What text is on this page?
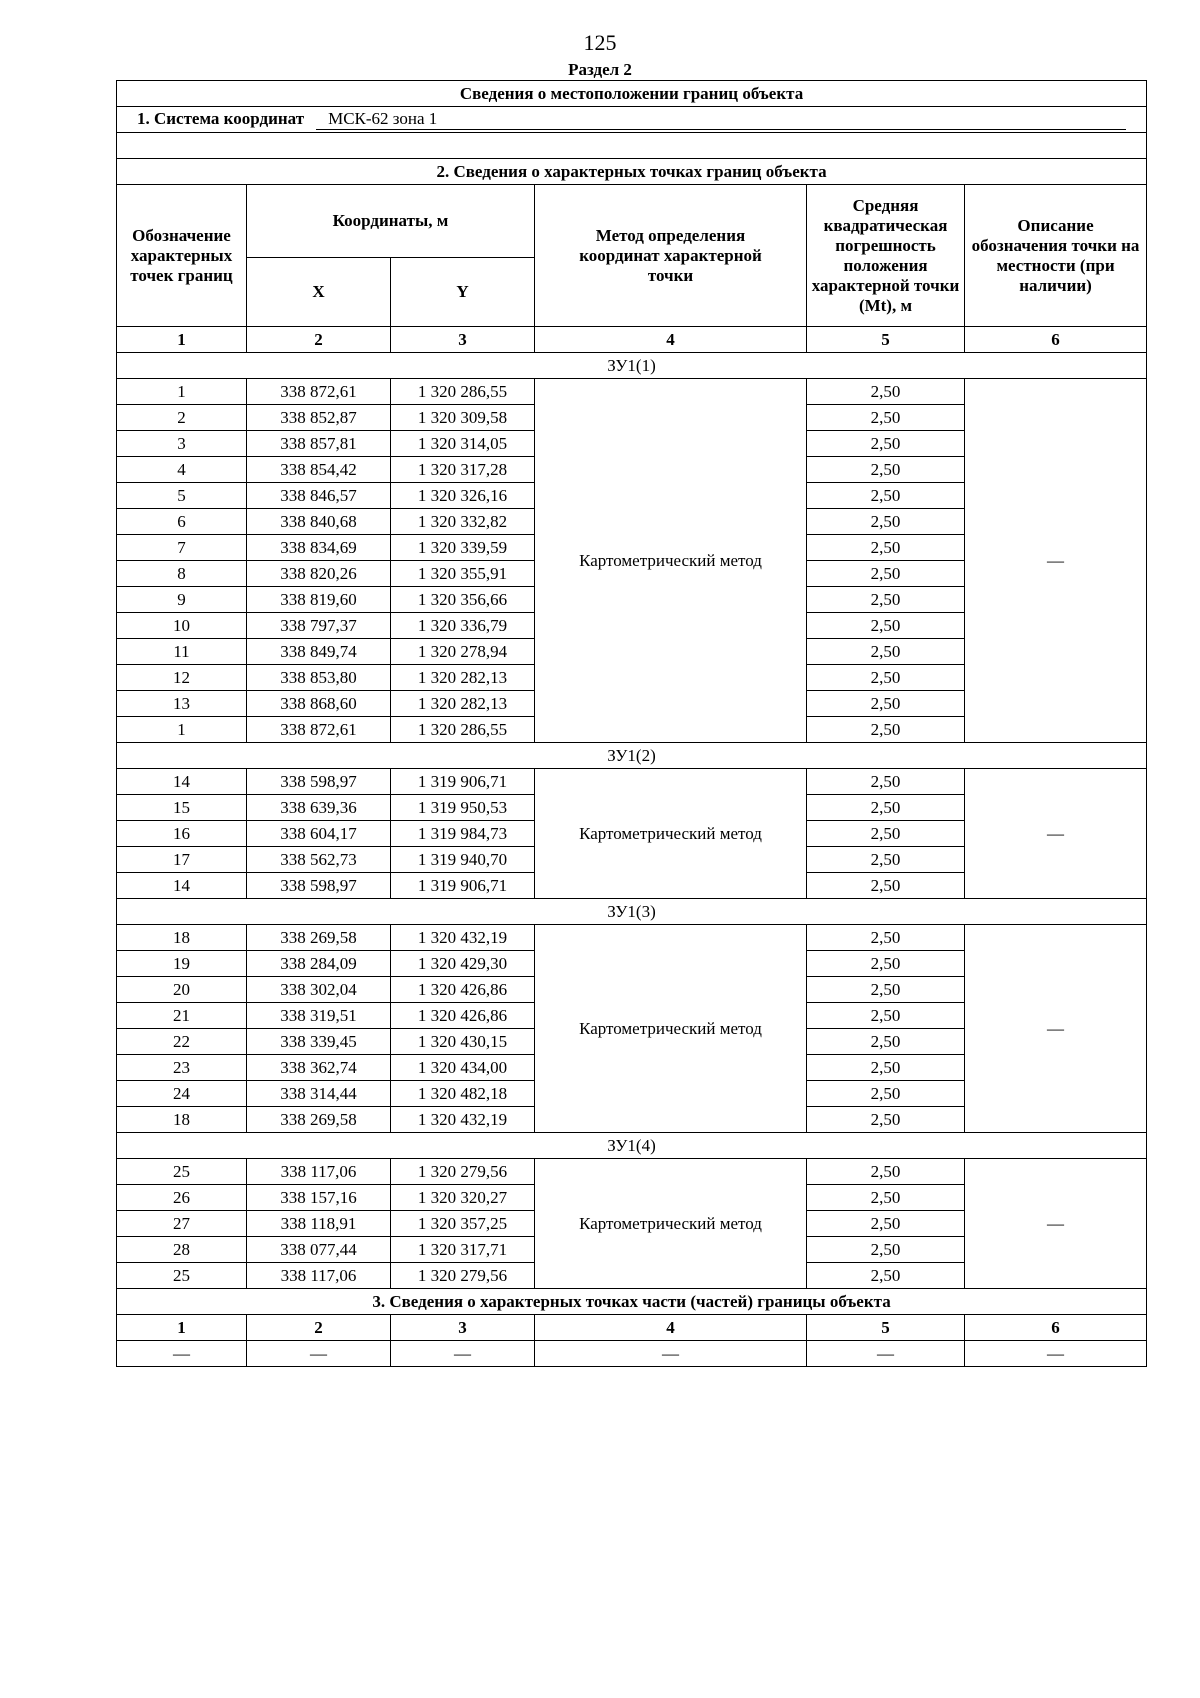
125
Раздел 2
Сведения о местоположении границ объекта					
1. Система координат МСК-62 зона 1					

2. Сведения о характерных точках границ объекта					
Обозначение характерных точек границ	Координаты, м		Метод определения координат характерной точки	Средняя квадратическая погрешность положения характерной точки (Mt), м	Описание обозначения точки на местности (при наличии)
	X	Y			
1	2	3	4	5	6
ЗУ1(1)					
1	338 872,61	1 320 286,55	Картометрический метод	2,50	—
2	338 852,87	1 320 309,58		2,50	
3	338 857,81	1 320 314,05		2,50	
4	338 854,42	1 320 317,28		2,50	
5	338 846,57	1 320 326,16		2,50	
6	338 840,68	1 320 332,82		2,50	
7	338 834,69	1 320 339,59		2,50	
8	338 820,26	1 320 355,91		2,50	
9	338 819,60	1 320 356,66		2,50	
10	338 797,37	1 320 336,79		2,50	
11	338 849,74	1 320 278,94		2,50	
12	338 853,80	1 320 282,13		2,50	
13	338 868,60	1 320 282,13		2,50	
1	338 872,61	1 320 286,55		2,50	
ЗУ1(2)					
14	338 598,97	1 319 906,71	Картометрический метод	2,50	—
15	338 639,36	1 319 950,53		2,50	
16	338 604,17	1 319 984,73		2,50	
17	338 562,73	1 319 940,70		2,50	
14	338 598,97	1 319 906,71		2,50	
ЗУ1(3)					
18	338 269,58	1 320 432,19	Картометрический метод	2,50	—
19	338 284,09	1 320 429,30		2,50	
20	338 302,04	1 320 426,86		2,50	
21	338 319,51	1 320 426,86		2,50	
22	338 339,45	1 320 430,15		2,50	
23	338 362,74	1 320 434,00		2,50	
24	338 314,44	1 320 482,18		2,50	
18	338 269,58	1 320 432,19		2,50	
ЗУ1(4)					
25	338 117,06	1 320 279,56	Картометрический метод	2,50	—
26	338 157,16	1 320 320,27		2,50	
27	338 118,91	1 320 357,25		2,50	
28	338 077,44	1 320 317,71		2,50	
25	338 117,06	1 320 279,56		2,50	
3. Сведения о характерных точках части (частей) границы объекта					
1	2	3	4	5	6
—	—	—	—	—	—
